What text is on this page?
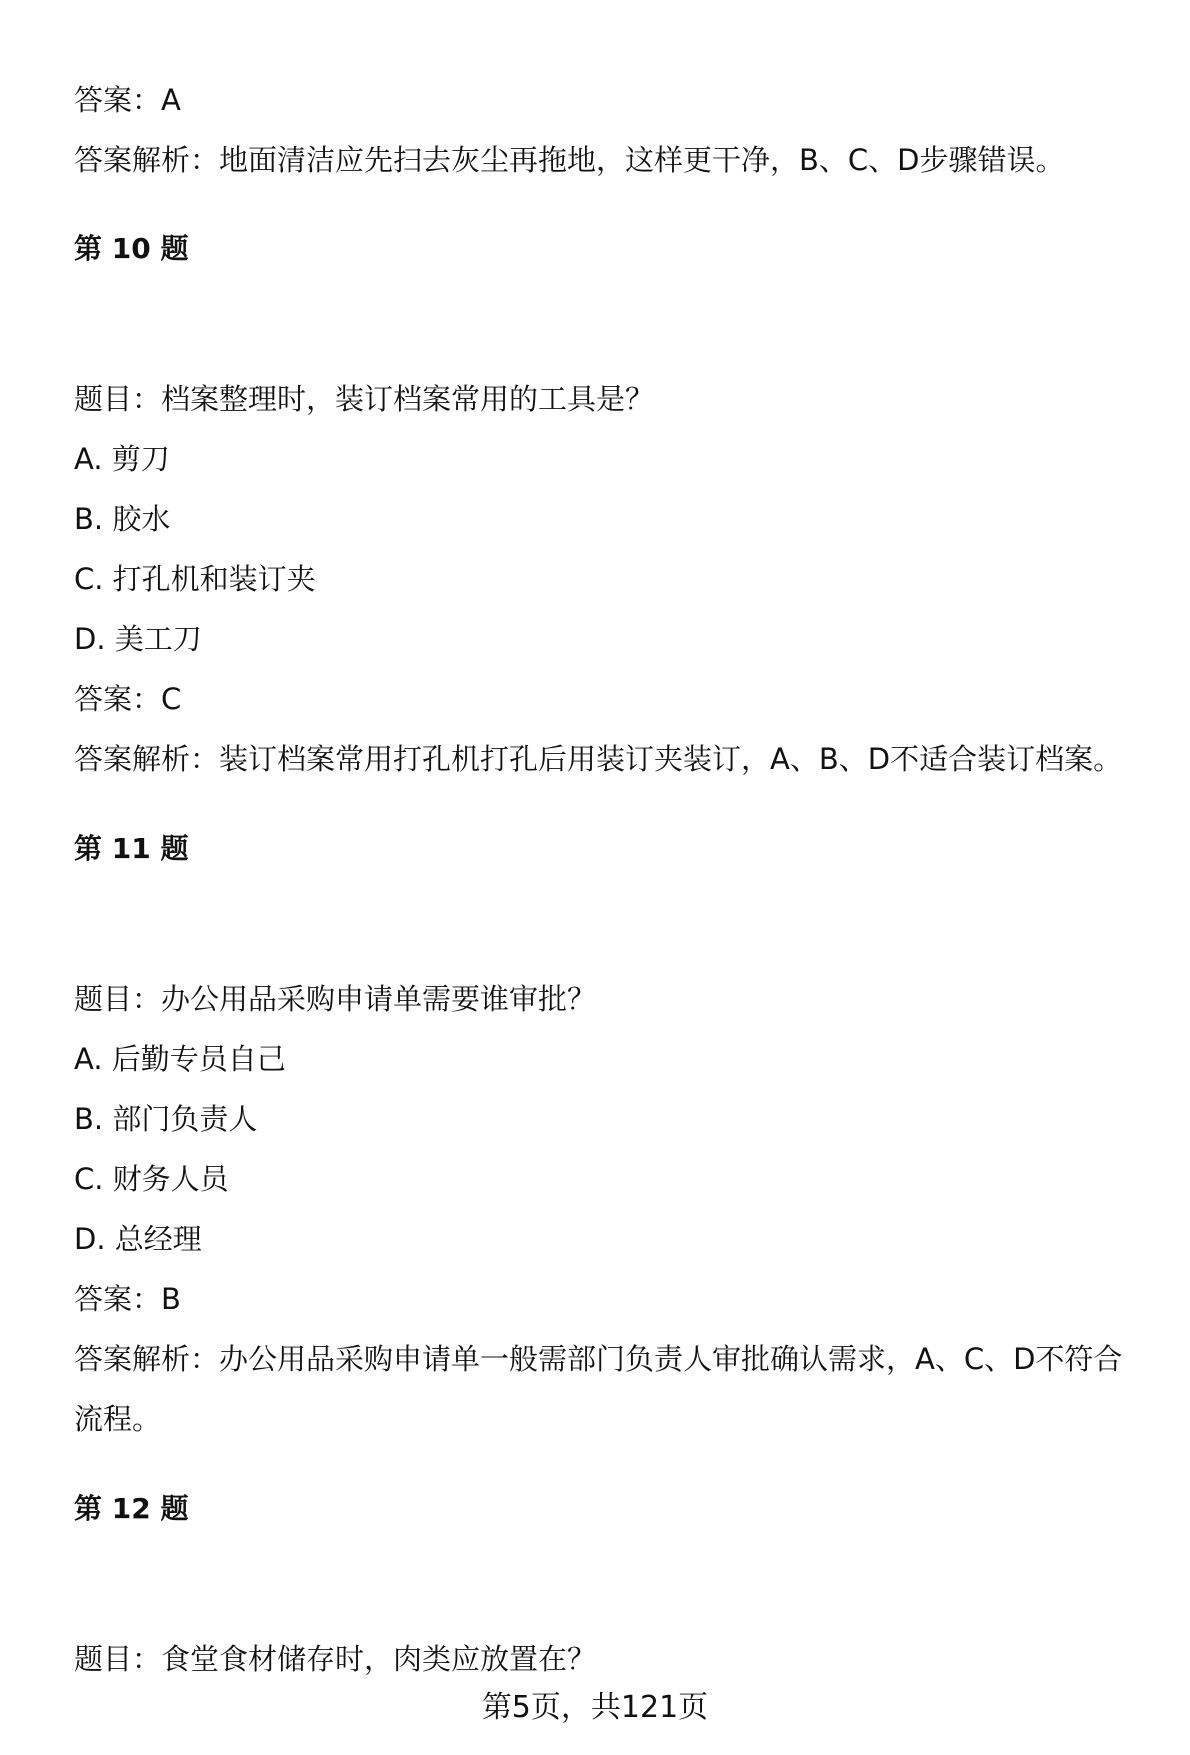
答案：A
答案解析：地面清洁应先扫去灰尘再拖地，这样更干净，B、C、D步骤错误。
第 10 题
题目：档案整理时，装订档案常用的工具是？
A. 剪刀
B. 胶水
C. 打孔机和装订夹
D. 美工刀
答案：C
答案解析：装订档案常用打孔机打孔后用装订夹装订，A、B、D不适合装订档案。
第 11 题
题目：办公用品采购申请单需要谁审批？
A. 后勤专员自己
B. 部门负责人
C. 财务人员
D. 总经理
答案：B
答案解析：办公用品采购申请单一般需部门负责人审批确认需求，A、C、D不符合
流程。
第 12 题
题目：食堂食材储存时，肉类应放置在？
第5页，共121页
